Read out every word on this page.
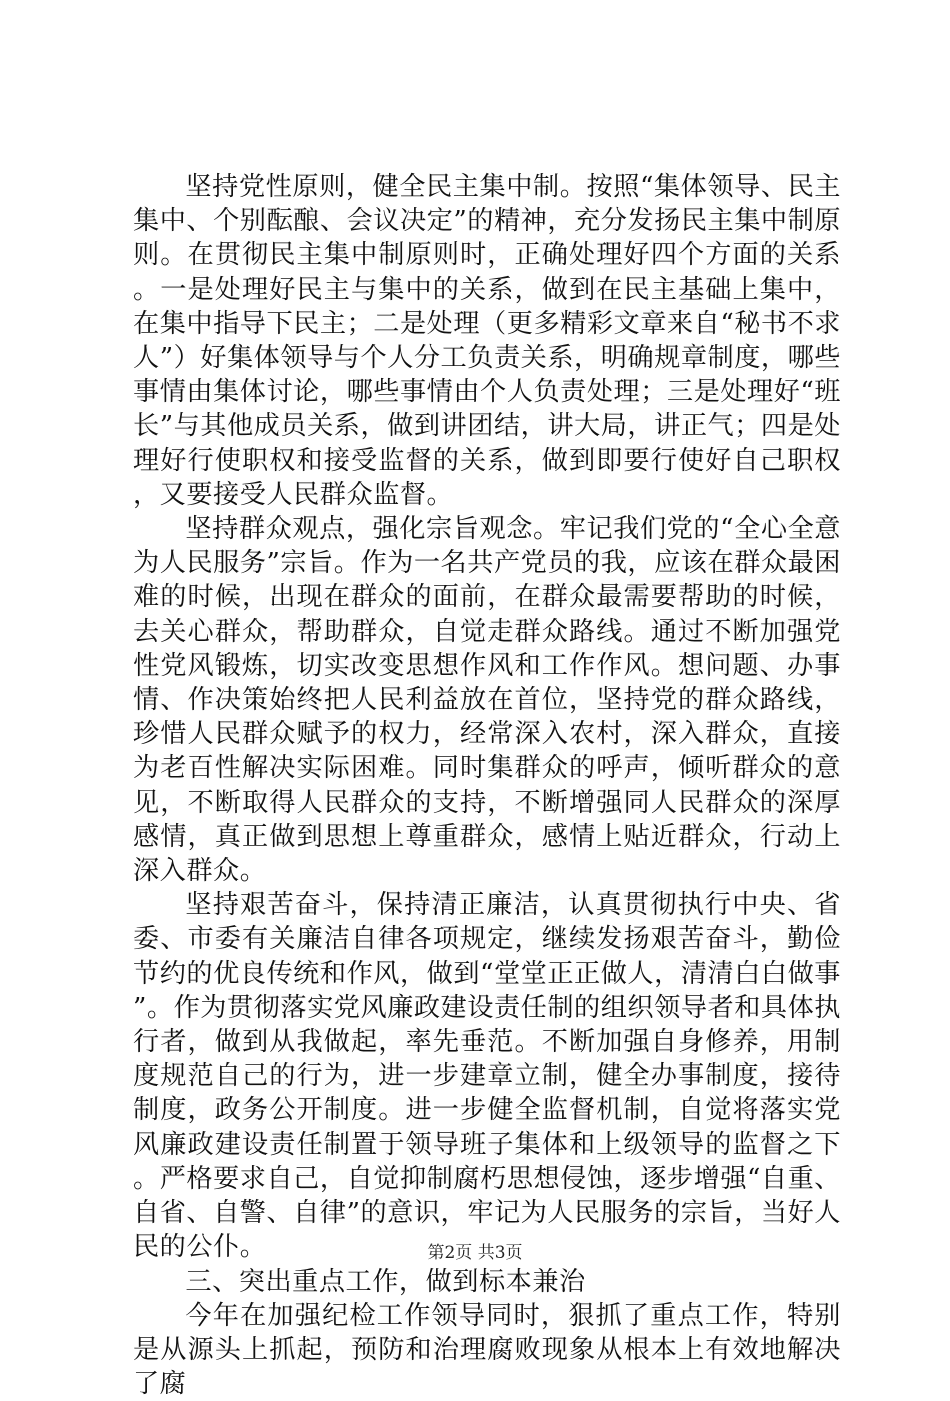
坚持党性原则，健全民主集中制。按照“集体领导、民主集中、个别酝酿、会议决定”的精神，充分发扬民主集中制原则。在贯彻民主集中制原则时，正确处理好四个方面的关系。一是处理好民主与集中的关系，做到在民主基础上集中，在集中指导下民主；二是处理（更多精彩文章来自“秘书不求人”）好集体领导与个人分工负责关系，明确规章制度，哪些事情由集体讨论，哪些事情由个人负责处理；三是处理好“班长”与其他成员关系，做到讲团结，讲大局，讲正气；四是处理好行使职权和接受监督的关系，做到即要行使好自己职权，又要接受人民群众监督。

坚持群众观点，强化宗旨观念。牢记我们党的“全心全意为人民服务”宗旨。作为一名共产党员的我，应该在群众最困难的时候，出现在群众的面前，在群众最需要帮助的时候，去关心群众，帮助群众，自觉走群众路线。通过不断加强党性党风锻炼，切实改变思想作风和工作作风。想问题、办事情、作决策始终把人民利益放在首位，坚持党的群众路线，珍惜人民群众赋予的权力，经常深入农村，深入群众，直接为老百性解决实际困难。同时集群众的呼声，倾听群众的意见，不断取得人民群众的支持，不断增强同人民群众的深厚感情，真正做到思想上尊重群众，感情上贴近群众，行动上深入群众。

坚持艰苦奋斗，保持清正廉洁，认真贯彻执行中央、省委、市委有关廉洁自律各项规定，继续发扬艰苦奋斗，勤俭节约的优良传统和作风，做到“堂堂正正做人，清清白白做事”。作为贯彻落实党风廉政建设责任制的组织领导者和具体执行者，做到从我做起，率先垂范。不断加强自身修养，用制度规范自己的行为，进一步建章立制，健全办事制度，接待制度，政务公开制度。进一步健全监督机制，自觉将落实党风廉政建设责任制置于领导班子集体和上级领导的监督之下。严格要求自己，自觉抑制腐朽思想侵蚀，逐步增强“自重、自省、自警、自律”的意识，牢记为人民服务的宗旨，当好人民的公仆。

三、突出重点工作，做到标本兼治

今年在加强纪检工作领导同时，狠抓了重点工作，特别是从源头上抓起，预防和治理腐败现象从根本上有效地解决了腐

第2页 共3页
